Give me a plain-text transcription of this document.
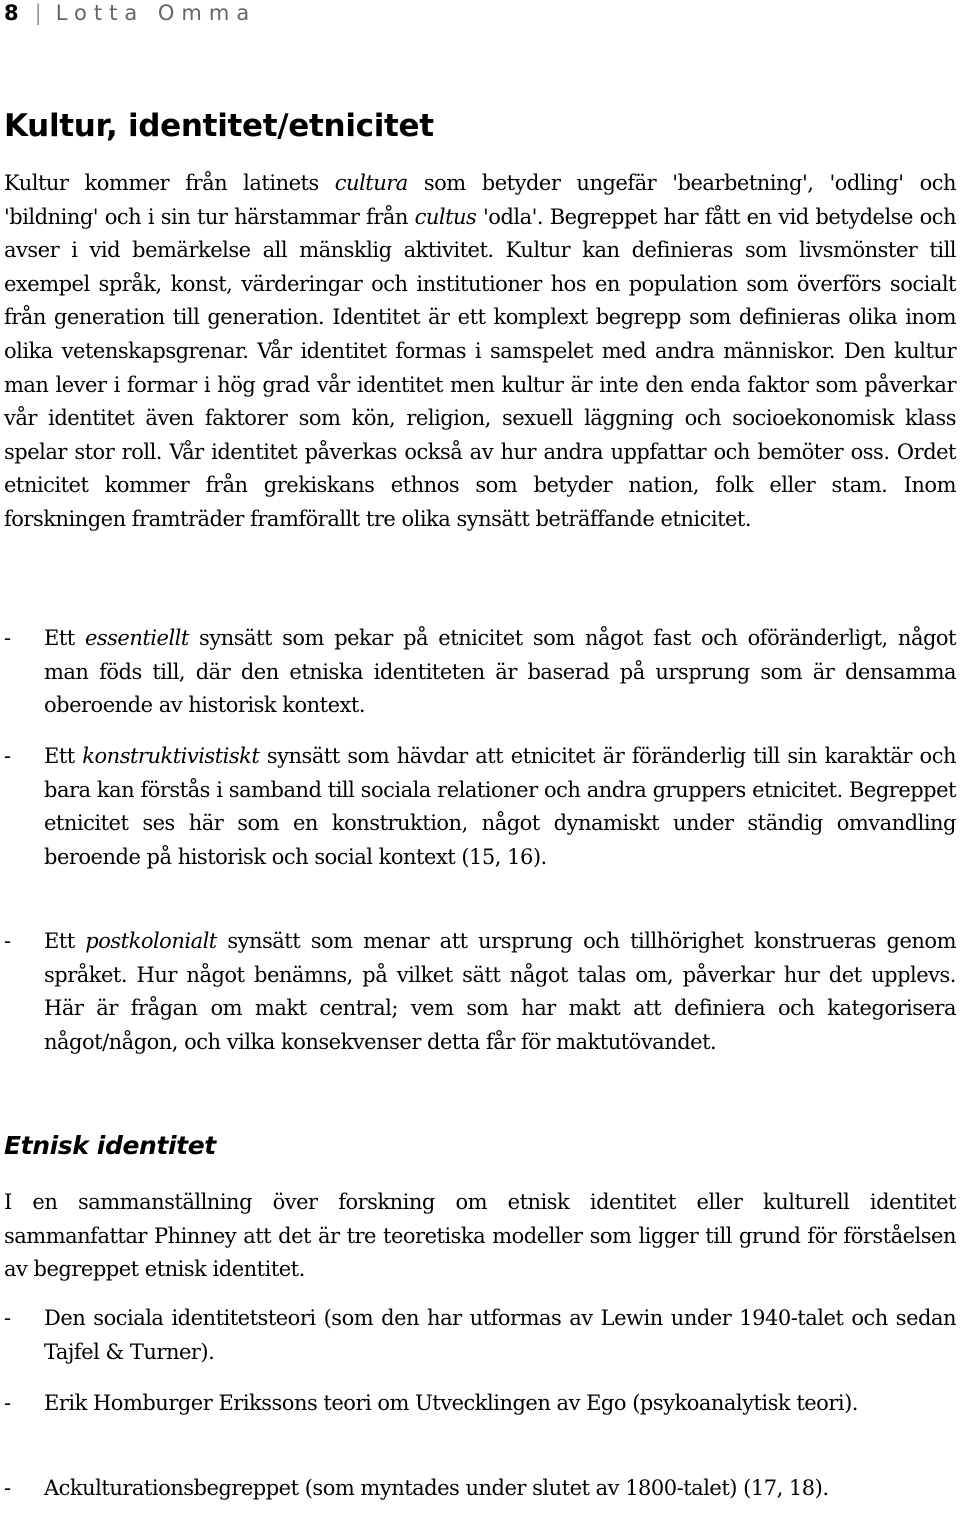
8 | Lotta Omma
Kultur, identitet/etnicitet

Kultur kommer från latinets cultura som betyder ungefär 'bearbetning', 'odling' och 'bildning' och i sin tur härstammar från cultus 'odla'. Begreppet har fått en vid betydelse och avser i vid bemärkelse all mänsklig aktivitet. Kultur kan definieras som livsmönster till exempel språk, konst, värderingar och institutioner hos en population som överförs socialt från generation till generation. Identitet är ett komplext begrepp som definieras olika inom olika vetenskapsgrenar. Vår identitet formas i samspelet med andra människor. Den kultur man lever i formar i hög grad vår identitet men kultur är inte den enda faktor som påverkar vår identitet även faktorer som kön, religion, sexuell läggning och socioekonomisk klass spelar stor roll. Vår identitet påverkas också av hur andra uppfattar och bemöter oss. Ordet etnicitet kommer från grekiskans ethnos som betyder nation, folk eller stam. Inom forskningen framträder framförallt tre olika synsätt beträffande etnicitet.

- Ett essentiellt synsätt som pekar på etnicitet som något fast och oföränderligt, något man föds till, där den etniska identiteten är baserad på ursprung som är densamma oberoende av historisk kontext.
- Ett konstruktivistiskt synsätt som hävdar att etnicitet är föränderlig till sin karaktär och bara kan förstås i samband till sociala relationer och andra gruppers etnicitet. Begreppet etnicitet ses här som en konstruktion, något dynamiskt under ständig omvandling beroende på historisk och social kontext (15, 16).
- Ett postkolonialt synsätt som menar att ursprung och tillhörighet konstrueras genom språket. Hur något benämns, på vilket sätt något talas om, påverkar hur det upplevs. Här är frågan om makt central; vem som har makt att definiera och kategorisera något/någon, och vilka konsekvenser detta får för maktutövandet.
Etnisk identitet

I en sammanställning över forskning om etnisk identitet eller kulturell identitet sammanfattar Phinney att det är tre teoretiska modeller som ligger till grund för förståelsen av begreppet etnisk identitet.

- Den sociala identitetsteori (som den har utformas av Lewin under 1940-talet och sedan Tajfel & Turner).
- Erik Homburger Erikssons teori om Utvecklingen av Ego (psykoanalytisk teori).
- Ackulturationsbegreppet (som myntades under slutet av 1800-talet) (17, 18).
